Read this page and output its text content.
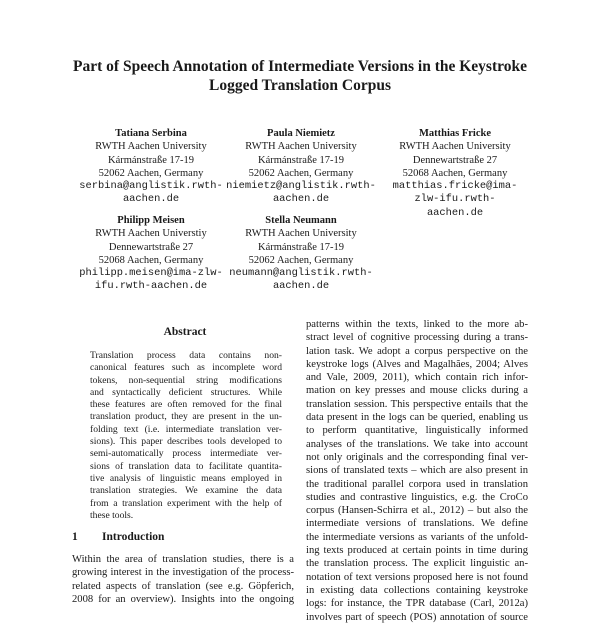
Part of Speech Annotation of Intermediate Versions in the Keystroke
Logged Translation Corpus
Tatiana Serbina
RWTH Aachen University
Kármánstraße 17-19
52062 Aachen, Germany
serbina@anglistik.rwth-
aachen.de
Paula Niemietz
RWTH Aachen University
Kármánstraße 17-19
52062 Aachen, Germany
niemietz@anglistik.rwth-
aachen.de
Matthias Fricke
RWTH Aachen University
Dennewartstraße 27
52068 Aachen, Germany
matthias.fricke@ima-
zlw-ifu.rwth-
aachen.de
Philipp Meisen
RWTH Aachen Universtiy
Dennewartstraße 27
52068 Aachen, Germany
philipp.meisen@ima-zlw-
ifu.rwth-aachen.de
Stella Neumann
RWTH Aachen University
Kármánstraße 17-19
52062 Aachen, Germany
neumann@anglistik.rwth-
aachen.de
Abstract
Translation process data contains non-
canonical features such as incomplete word
tokens, non-sequential string modifications
and syntactically deficient structures. While
these features are often removed for the final
translation product, they are present in the un-
folding text (i.e. intermediate translation ver-
sions). This paper describes tools developed to
semi-automatically process intermediate ver-
sions of translation data to facilitate quantita-
tive analysis of linguistic means employed in
translation strategies. We examine the data
from a translation experiment with the help of
these tools.
1 Introduction
Within the area of translation studies, there is a
growing interest in the investigation of the process-
related aspects of translation (see e.g. Göpferich,
2008 for an overview). Insights into the ongoing
patterns within the texts, linked to the more ab-
stract level of cognitive processing during a trans-
lation task. We adopt a corpus perspective on the
keystroke logs (Alves and Magalhães, 2004; Alves
and Vale, 2009, 2011), which contain rich infor-
mation on key presses and mouse clicks during a
translation session. This perspective entails that the
data present in the logs can be queried, enabling us
to perform quantitative, linguistically informed
analyses of the translations. We take into account
not only originals and the corresponding final ver-
sions of translated texts – which are also present in
the traditional parallel corpora used in translation
studies and contrastive linguistics, e.g. the CroCo
corpus (Hansen-Schirra et al., 2012) – but also the
intermediate versions of translations. We define
the intermediate versions as variants of the unfold-
ing texts produced at certain points in time during
the translation process. The explicit linguistic an-
notation of text versions proposed here is not found
in existing data collections containing keystroke
logs: for instance, the TPR database (Carl, 2012a)
involves part of speech (POS) annotation of source
